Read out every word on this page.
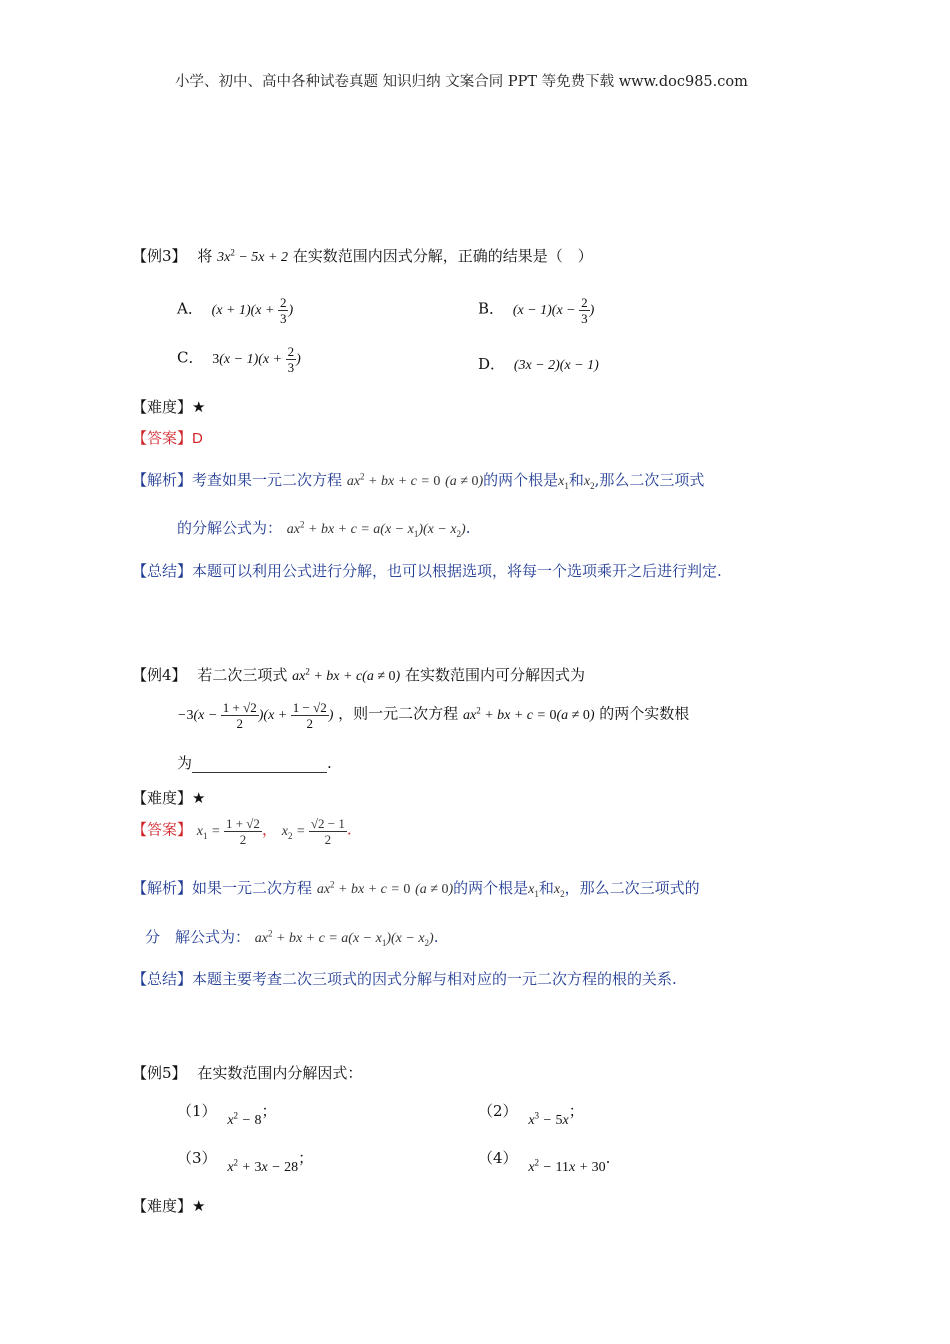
小学、初中、高中各种试卷真题 知识归纳 文案合同 PPT 等免费下载 www.doc985.com
【例3】 将 $3x^2 - 5x + 2$ 在实数范围内因式分解，正确的结果是（　）
A． $(x + 1)(x + \frac{2}{3}$ )	B． $(x - 1)(x - \frac{2}{3}$ )
C． $3(x - 1)(x + \frac{2}{3}$ )	D． (3x − 2)(x − 1)
【难度】★
【答案】D
【解析】考查如果一元二次方程 $ax^2$ + bx + c = 0 (a ≠ 0)的两个根是$x_1$和$x_2$,那么二次三项式
的分解公式为： $ax^2$ + bx + $c = a(x - x_1)(x - x_2)$.
【总结】本题可以利用公式进行分解，也可以根据选项，将每一个选项乘开之后进行判定.
【例4】 若二次三项式 $ax^2$ + bx + c(a ≠ 0) 在实数范围内可分解因式为
$-3(x - \frac{1 + √2}{2} )(x + \frac{1 - √2}{2}$ ) ，则一元二次方程 $ax^2$ + bx + c = 0(a ≠ 0) 的两个实数根
为	.
【难度】★
【答案】 $x_1 = \frac{1 + √2}{2}$ ， $x_2 = \frac{√2 - 1}{2}$ .
【解析】如果一元二次方程 $ax^2$ + bx + c = 0 (a ≠ 0)的两个根是$x_1$和$x_2$，那么二次三项式的
分　解公式为： $ax^2$ + bx + $c = a(x - x_1)(x - x_2)$.
【总结】本题主要考查二次三项式的因式分解与相对应的一元二次方程的根的关系.
【例5】 在实数范围内分解因式：
（1） $x^2 - 8$；	（2） $x^3 - 5x$；
（3） $x^2 + 3x - 28$；	（4） $x^2 - 11x + 30$.
【难度】★
